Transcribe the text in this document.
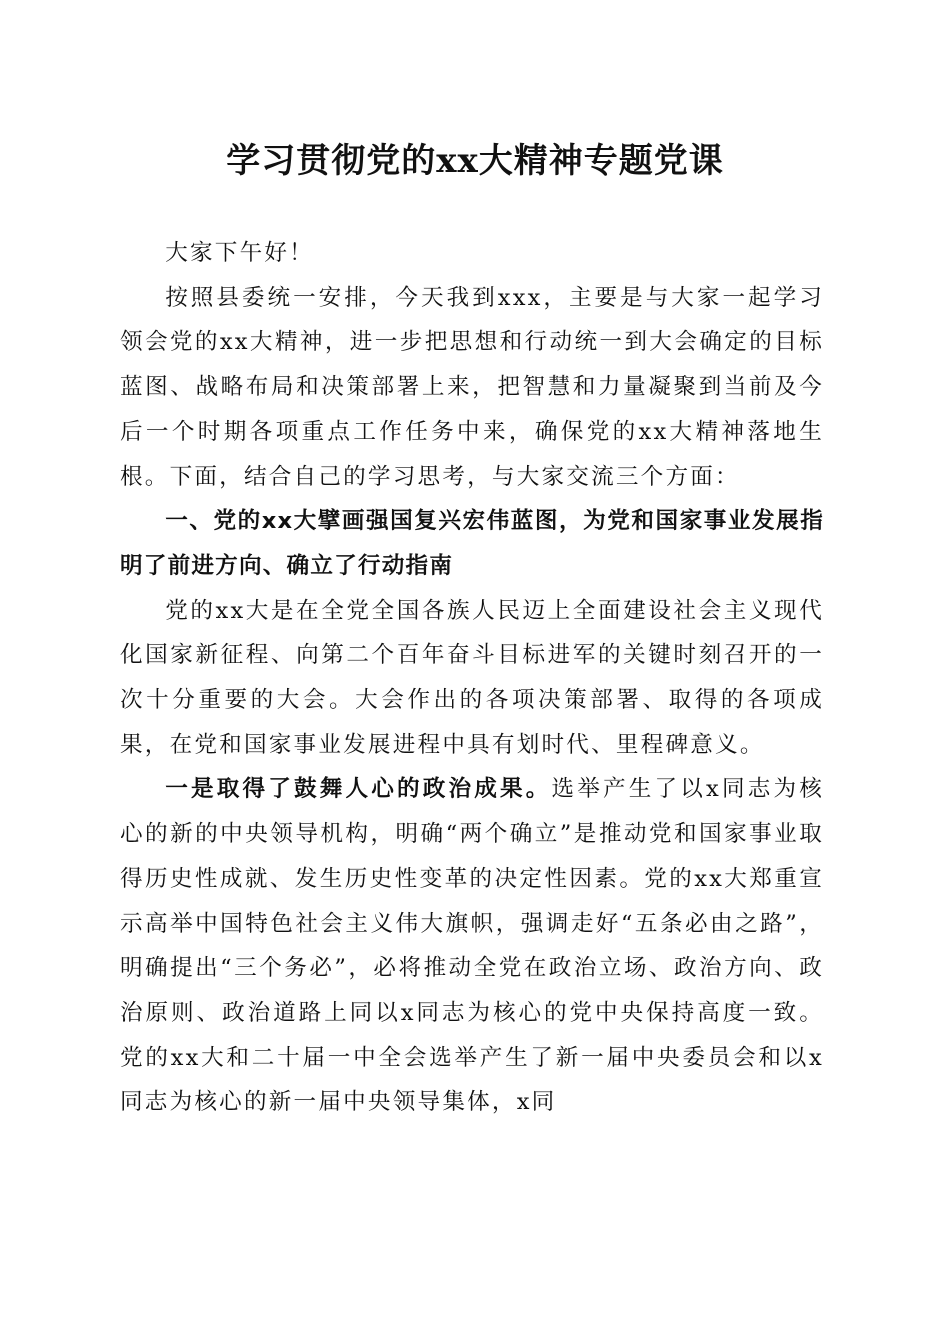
学习贯彻党的xx大精神专题党课

大家下午好！

按照县委统一安排，今天我到xxx，主要是与大家一起学习领会党的xx大精神，进一步把思想和行动统一到大会确定的目标蓝图、战略布局和决策部署上来，把智慧和力量凝聚到当前及今后一个时期各项重点工作任务中来，确保党的xx大精神落地生根。下面，结合自己的学习思考，与大家交流三个方面：

一、党的xx大擘画强国复兴宏伟蓝图，为党和国家事业发展指明了前进方向、确立了行动指南

党的xx大是在全党全国各族人民迈上全面建设社会主义现代化国家新征程、向第二个百年奋斗目标进军的关键时刻召开的一次十分重要的大会。大会作出的各项决策部署、取得的各项成果，在党和国家事业发展进程中具有划时代、里程碑意义。

一是取得了鼓舞人心的政治成果。选举产生了以x同志为核心的新的中央领导机构，明确“两个确立”是推动党和国家事业取得历史性成就、发生历史性变革的决定性因素。党的xx大郑重宣示高举中国特色社会主义伟大旗帜，强调走好“五条必由之路”，明确提出“三个务必”，必将推动全党在政治立场、政治方向、政治原则、政治道路上同以x同志为核心的党中央保持高度一致。党的xx大和二十届一中全会选举产生了新一届中央委员会和以x同志为核心的新一届中央领导集体，x同
